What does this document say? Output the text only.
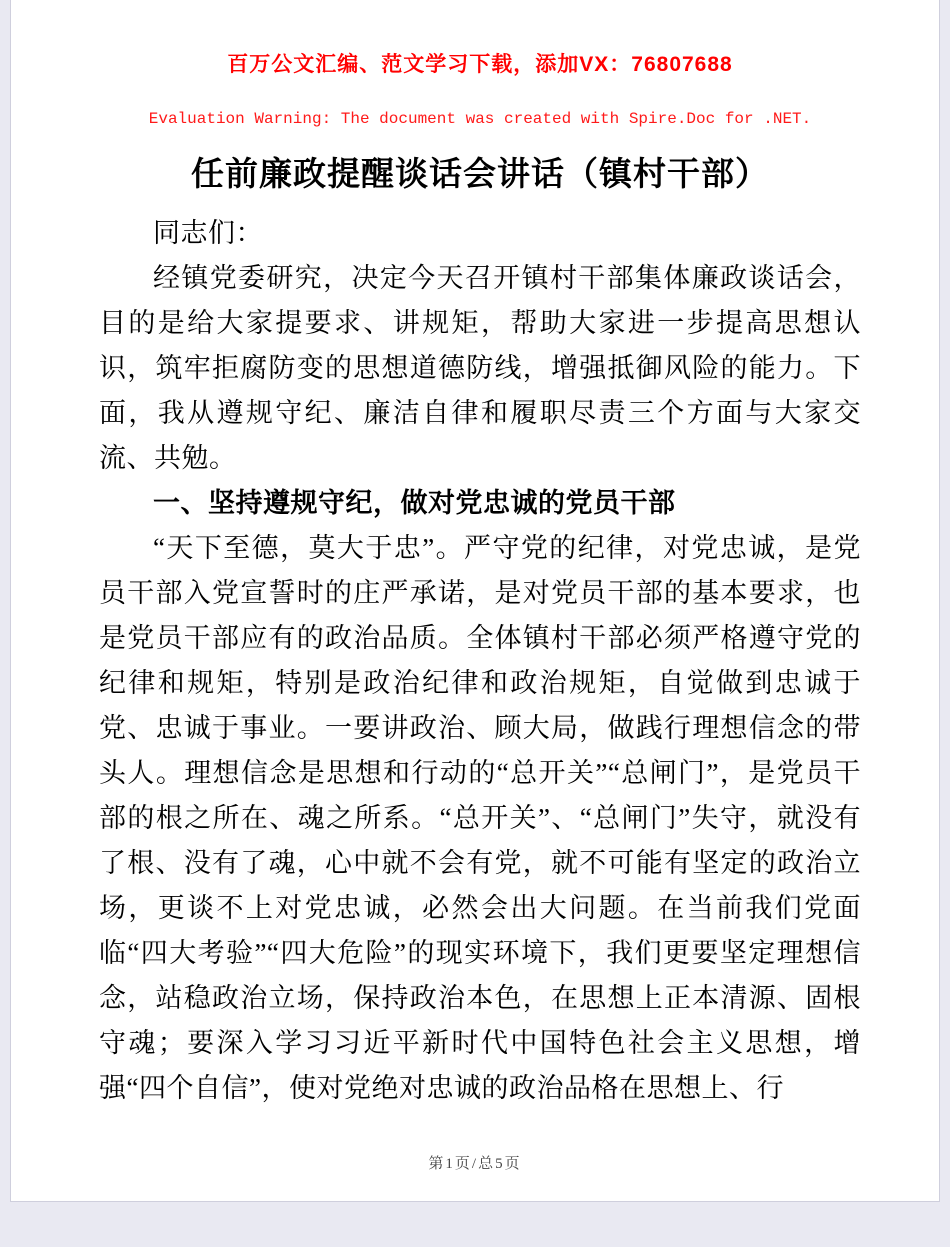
百万公文汇编、范文学习下载，添加VX：76807688
Evaluation Warning: The document was created with Spire.Doc for .NET.
任前廉政提醒谈话会讲话（镇村干部）

同志们：

经镇党委研究，决定今天召开镇村干部集体廉政谈话会，目的是给大家提要求、讲规矩，帮助大家进一步提高思想认识，筑牢拒腐防变的思想道德防线，增强抵御风险的能力。下面，我从遵规守纪、廉洁自律和履职尽责三个方面与大家交流、共勉。

一、坚持遵规守纪，做对党忠诚的党员干部

“天下至德，莫大于忠”。严守党的纪律，对党忠诚，是党员干部入党宣誓时的庄严承诺，是对党员干部的基本要求，也是党员干部应有的政治品质。全体镇村干部必须严格遵守党的纪律和规矩，特别是政治纪律和政治规矩，自觉做到忠诚于党、忠诚于事业。一要讲政治、顾大局，做践行理想信念的带头人。理想信念是思想和行动的“总开关”“总闸门”，是党员干部的根之所在、魂之所系。“总开关”、“总闸门”失守，就没有了根、没有了魂，心中就不会有党，就不可能有坚定的政治立场，更谈不上对党忠诚，必然会出大问题。在当前我们党面临“四大考验”“四大危险”的现实环境下，我们更要坚定理想信念，站稳政治立场，保持政治本色，在思想上正本清源、固根守魂；要深入学习习近平新时代中国特色社会主义思想，增强“四个自信”，使对党绝对忠诚的政治品格在思想上、行

第1页/总5页
